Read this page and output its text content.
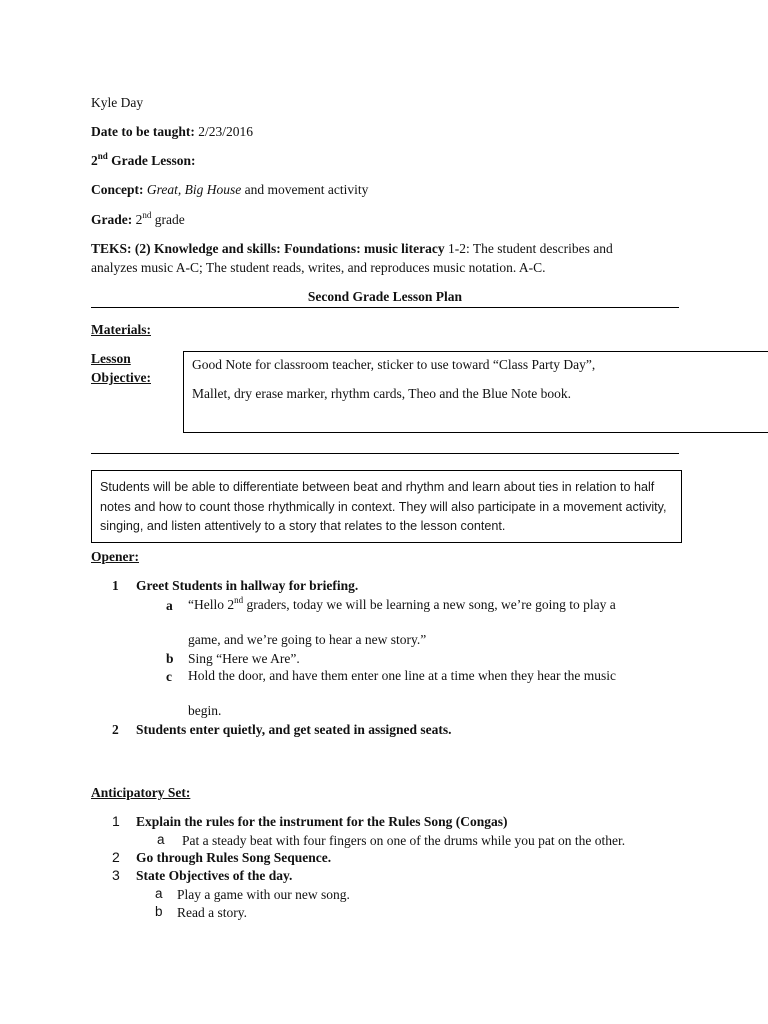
Kyle Day
Date to be taught: 2/23/2016
2nd Grade Lesson:
Concept: Great, Big House and movement activity
Grade: 2nd grade
TEKS: (2) Knowledge and skills: Foundations: music literacy 1-2: The student describes and
analyzes music A-C; The student reads, writes, and reproduces music notation. A-C.
Second Grade Lesson Plan
Materials:
Lesson
Objective:
Good Note for classroom teacher, sticker to use toward “Class Party Day”,
Mallet, dry erase marker, rhythm cards, Theo and the Blue Note book.
Students will be able to differentiate between beat and rhythm and learn about ties in relation to half notes and how to count those rhythmically in context. They will also participate in a movement activity, singing, and listen attentively to a story that relates to the lesson content.
Opener:
1 Greet Students in hallway for briefing.
a “Hello 2nd graders, today we will be learning a new song, we’re going to play a
game, and we’re going to hear a new story.”
b Sing “Here we Are”.
c Hold the door, and have them enter one line at a time when they hear the music
begin.
2 Students enter quietly, and get seated in assigned seats.
Anticipatory Set:
1 Explain the rules for the instrument for the Rules Song (Congas)
a Pat a steady beat with four fingers on one of the drums while you pat on the other.
2 Go through Rules Song Sequence.
3 State Objectives of the day.
a Play a game with our new song.
b Read a story.
